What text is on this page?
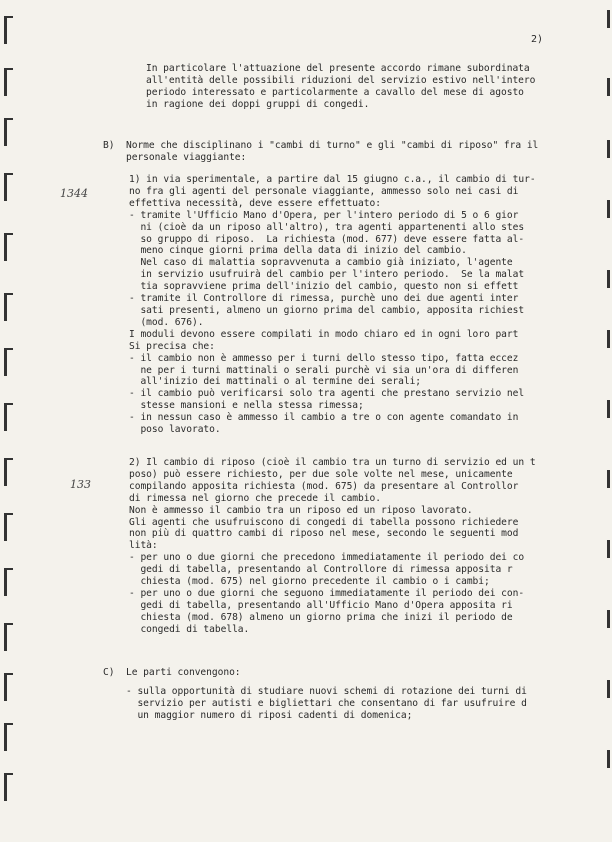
2)
In particolare l'attuazione del presente accordo rimane subordinata
all'entità delle possibili riduzioni del servizio estivo nell'intero
periodo interessato e particolarmente a cavallo del mese di agosto
in ragione dei doppi gruppi di congedi.
B) Norme che disciplinano i "cambi di turno" e gli "cambi di riposo" fra il
personale viaggiante:
1344
1) in via sperimentale, a partire dal 15 giugno c.a., il cambio di tur-
no fra gli agenti del personale viaggiante, ammesso solo nei casi di
effettiva necessità, deve essere effettuato:
- tramite l'Ufficio Mano d'Opera, per l'intero periodo di 5 o 6 gior
ni (cioè da un riposo all'altro), tra agenti appartenenti allo stes
so gruppo di riposo.  La richiesta (mod. 677) deve essere fatta al-
meno cinque giorni prima della data di inizio del cambio.
Nel caso di malattia sopravvenuta a cambio già iniziato, l'agente
in servizio usufruirà del cambio per l'intero periodo.  Se la malat
tia sopravviene prima dell'inizio del cambio, questo non si effett
- tramite il Controllore di rimessa, purchè uno dei due agenti inter
sati presenti, almeno un giorno prima del cambio, apposita richiest
(mod. 676).
I moduli devono essere compilati in modo chiaro ed in ogni loro part
Si precisa che:
- il cambio non è ammesso per i turni dello stesso tipo, fatta eccez
ne per i turni mattinali o serali purchè vi sia un'ora di differen
all'inizio dei mattinali o al termine dei serali;
- il cambio può verificarsi solo tra agenti che prestano servizio nel
stesse mansioni e nella stessa rimessa;
- in nessun caso è ammesso il cambio a tre o con agente comandato in
poso lavorato.
133
2) Il cambio di riposo (cioè il cambio tra un turno di servizio ed un t
poso) può essere richiesto, per due sole volte nel mese, unicamente
compilando apposita richiesta (mod. 675) da presentare al Controllor
di rimessa nel giorno che precede il cambio.
Non è ammesso il cambio tra un riposo ed un riposo lavorato.
Gli agenti che usufruiscono di congedi di tabella possono richiedere
non più di quattro cambi di riposo nel mese, secondo le seguenti mod
lità:
- per uno o due giorni che precedono immediatamente il periodo dei co
gedi di tabella, presentando al Controllore di rimessa apposita r
chiesta (mod. 675) nel giorno precedente il cambio o i cambi;
- per uno o due giorni che seguono immediatamente il periodo dei con-
gedi di tabella, presentando all'Ufficio Mano d'Opera apposita ri
chiesta (mod. 678) almeno un giorno prima che inizi il periodo de
congedi di tabella.
C) Le parti convengono:
- sulla opportunità di studiare nuovi schemi di rotazione dei turni di
servizio per autisti e bigliettari che consentano di far usufruire d
un maggior numero di riposi cadenti di domenica;
